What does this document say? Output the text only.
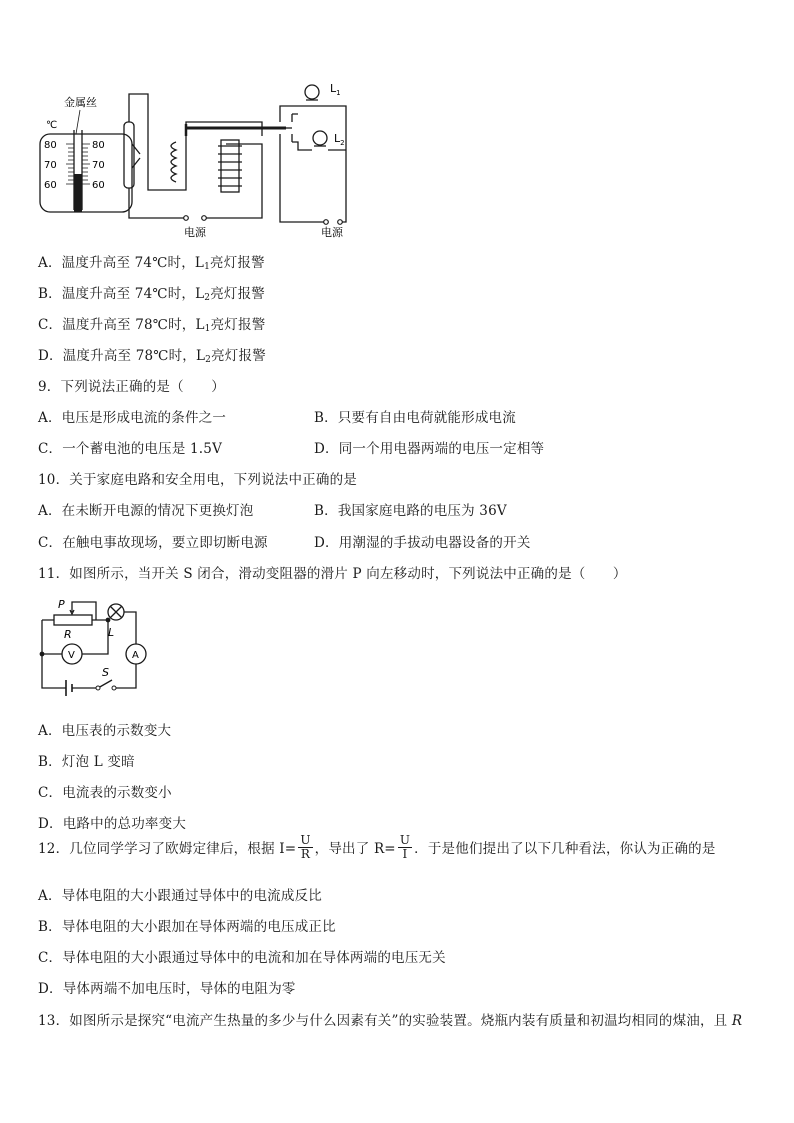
金属丝
℃
80
70
60
80
70
60
电源	电源
$L_1$
$L_2$
A．温度升高至 74℃时，$L_1$亮灯报警
B．温度升高至 74℃时，$L_2$亮灯报警
C．温度升高至 78℃时，$L_1$亮灯报警
D．温度升高至 78℃时，$L_2$亮灯报警
9．下列说法正确的是（　　）
A．电压是形成电流的条件之一	B．只要有自由电荷就能形成电流
C．一个蓄电池的电压是 1.5V	D．同一个用电器两端的电压一定相等
10．关于家庭电路和安全用电，下列说法中正确的是
A．在未断开电源的情况下更换灯泡	B．我国家庭电路的电压为 36V
C．在触电事故现场，要立即切断电源	D．用潮湿的手拔动电器设备的开关
11．如图所示，当开关 S 闭合，滑动变阻器的滑片 P 向左移动时，下列说法中正确的是（　　）
P
R	L
V	A
S
A．电压表的示数变大
B．灯泡 L 变暗
C．电流表的示数变小
D．电路中的总功率变大
12．几位同学学习了欧姆定律后，根据 $I= \frac{U}{R}$ ，导出了 $R= \frac{U}{I}$ ．于是他们提出了以下几种看法，你认为正确的是
A．导体电阻的大小跟通过导体中的电流成反比
B．导体电阻的大小跟加在导体两端的电压成正比
C．导体电阻的大小跟通过导体中的电流和加在导体两端的电压无关
D．导体两端不加电压时，导体的电阻为零
13．如图所示是探究“电流产生热量的多少与什么因素有关”的实验装置。烧瓶内装有质量和初温均相同的煤油，且 R
